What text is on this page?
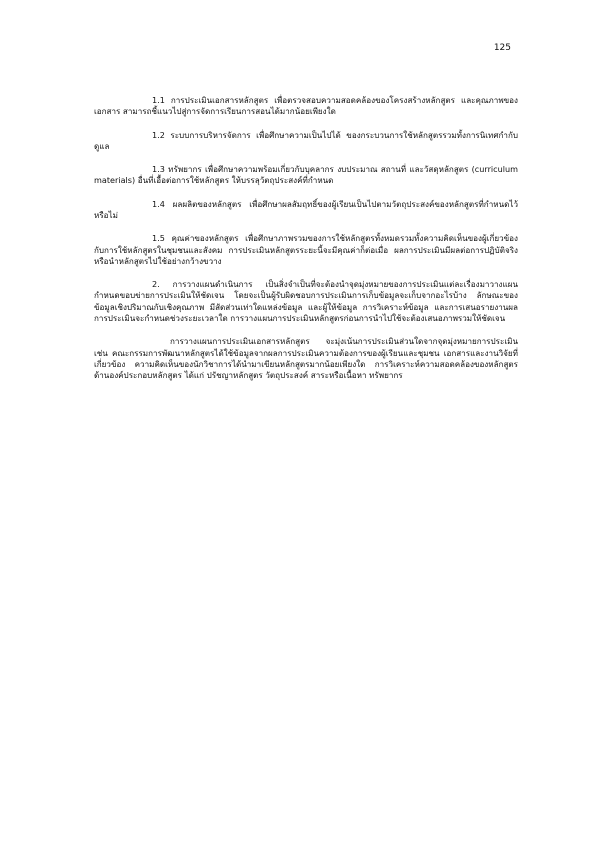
125

1.1 การประเมินเอกสารหลักสูตร เพื่อตรวจสอบความสอดคล้องของโครงสร้างหลักสูตร และคุณภาพของเอกสาร สามารถชี้แนวไปสู่การจัดการเรียนการสอนได้มากน้อยเพียงใด

1.2 ระบบการบริหารจัดการ เพื่อศึกษาความเป็นไปได้ ของกระบวนการใช้หลักสูตรรวมทั้งการนิเทศกำกับดูแล

1.3 ทรัพยากร เพื่อศึกษาความพร้อมเกี่ยวกับบุคลากร งบประมาณ สถานที่ และวัสดุหลักสูตร (curriculum materials) อื่นที่เอื้อต่อการใช้หลักสูตร ให้บรรลุวัตถุประสงค์ที่กำหนด

1.4 ผลผลิตของหลักสูตร เพื่อศึกษาผลสัมฤทธิ์ของผู้เรียนเป็นไปตามวัตถุประสงค์ของหลักสูตรที่กำหนดไว้หรือไม่

1.5 คุณค่าของหลักสูตร เพื่อศึกษาภาพรวมของการใช้หลักสูตรทั้งหมดรวมทั้งความคิดเห็นของผู้เกี่ยวข้องกับการใช้หลักสูตรในชุมชนและสังคม การประเมินหลักสูตรระยะนี้จะมีคุณค่าก็ต่อเมื่อ ผลการประเมินมีผลต่อการปฏิบัติจริง หรือนำหลักสูตรไปใช้อย่างกว้างขวาง

2. การวางแผนดำเนินการ เป็นสิ่งจำเป็นที่จะต้องนำจุดมุ่งหมายของการประเมินแต่ละเรื่องมาวางแผนกำหนดขอบข่ายการประเมินให้ชัดเจน โดยจะเป็นผู้รับผิดชอบการประเมินการเก็บข้อมูลจะเก็บจากอะไรบ้าง ลักษณะของข้อมูลเชิงปริมาณกับเชิงคุณภาพ มีสัดส่วนเท่าใดแหล่งข้อมูล และผู้ให้ข้อมูล การวิเคราะห์ข้อมูล และการเสนอรายงานผลการประเมินจะกำหนดช่วงระยะเวลาใด การวางแผนการประเมินหลักสูตรก่อนการนำไปใช้จะต้องเสนอภาพรวมให้ชัดเจน

การวางแผนการประเมินเอกสารหลักสูตร จะมุ่งเน้นการประเมินส่วนใดจากจุดมุ่งหมายการประเมิน เช่น คณะกรรมการพัฒนาหลักสูตรได้ใช้ข้อมูลจากผลการประเมินความต้องการของผู้เรียนและชุมชน เอกสารและงานวิจัยที่เกี่ยวข้อง ความคิดเห็นของนักวิชาการได้นำมาเขียนหลักสูตรมากน้อยเพียงใด การวิเคราะห์ความสอดคล้องของหลักสูตรด้านองค์ประกอบหลักสูตร ได้แก่ ปรัชญาหลักสูตร วัตถุประสงค์ สาระหรือเนื้อหา ทรัพยากร
